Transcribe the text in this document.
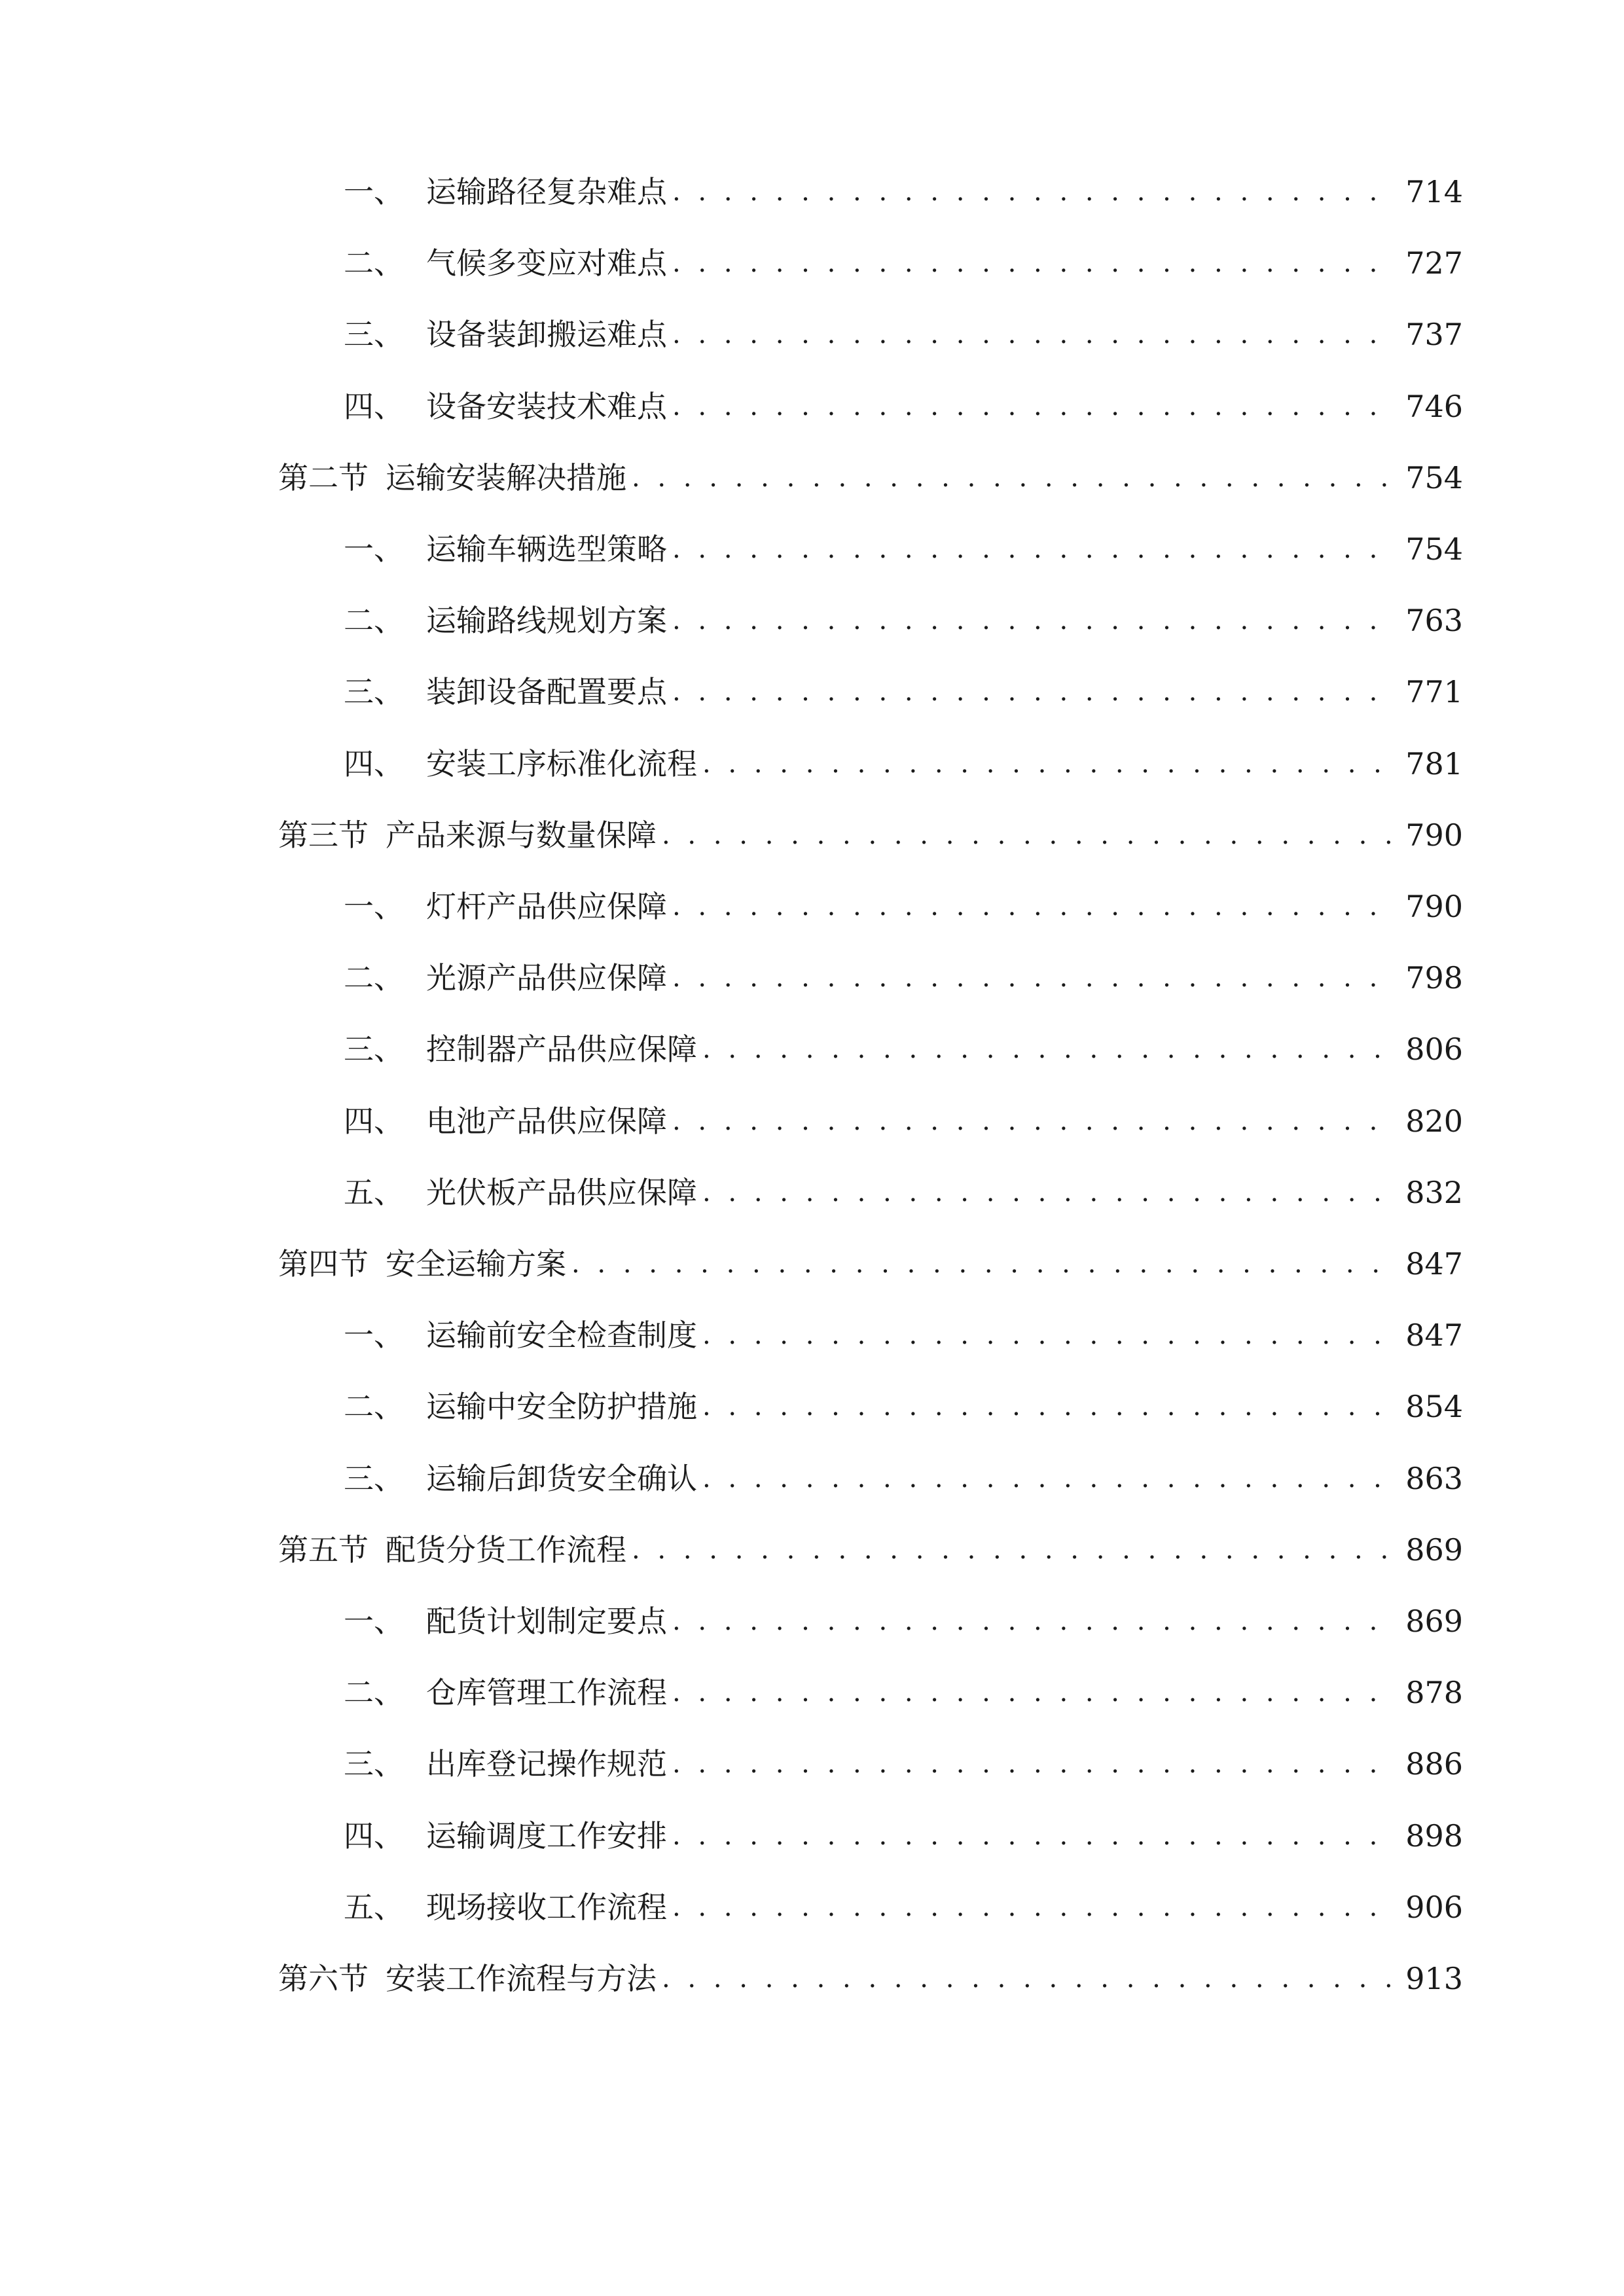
一、 运输路径复杂难点 . . .	714
二、 气候多变应对难点 . . .	727
三、 设备装卸搬运难点 . . .	737
四、 设备安装技术难点 . . .	746
第二节 运输安装解决措施 . . .	754
一、 运输车辆选型策略 . . .	754
二、 运输路线规划方案 . . .	763
三、 装卸设备配置要点 . . .	771
四、 安装工序标准化流程 . . .	781
第三节 产品来源与数量保障 . . .	790
一、 灯杆产品供应保障 . . .	790
二、 光源产品供应保障 . . .	798
三、 控制器产品供应保障 . . .	806
四、 电池产品供应保障 . . .	820
五、 光伏板产品供应保障 . . .	832
第四节 安全运输方案 . . .	847
一、 运输前安全检查制度 . . .	847
二、 运输中安全防护措施 . . .	854
三、 运输后卸货安全确认 . . .	863
第五节 配货分货工作流程 . . .	869
一、 配货计划制定要点 . . .	869
二、 仓库管理工作流程 . . .	878
三、 出库登记操作规范 . . .	886
四、 运输调度工作安排 . . .	898
五、 现场接收工作流程 . . .	906
第六节 安装工作流程与方法 . . .	913
